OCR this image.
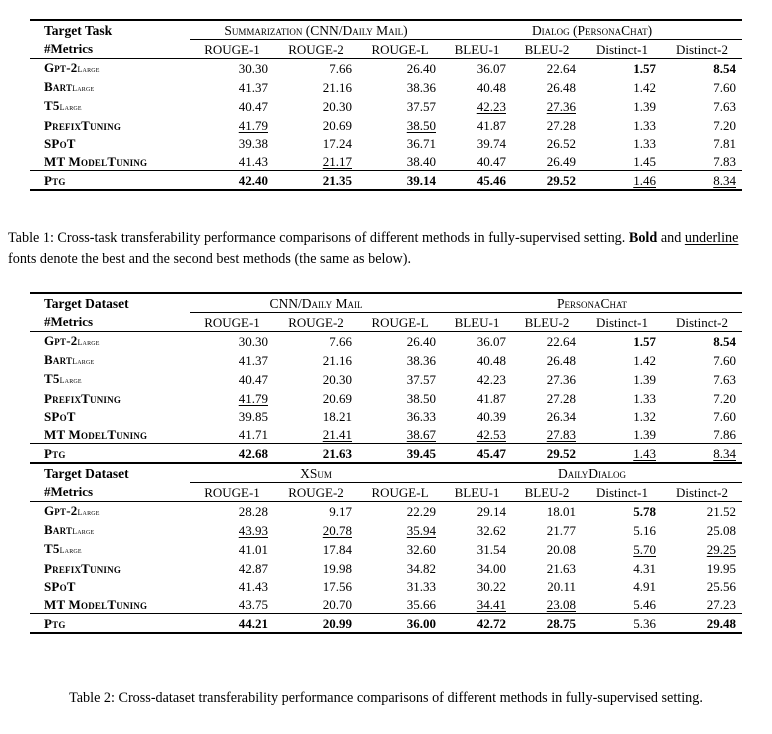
Target Task	Summarization (CNN/Daily Mail)			Dialog (PersonaChat)			
#Metrics	ROUGE-1	ROUGE-2	ROUGE-L	BLEU-1	BLEU-2	Distinct-1	Distinct-2
Gpt-2Large	30.30	7.66	26.40	36.07	22.64	1.57	8.54
BartLarge	41.37	21.16	38.36	40.48	26.48	1.42	7.60
T5Large	40.47	20.30	37.57	42.23	27.36	1.39	7.63
PrefixTuning	41.79	20.69	38.50	41.87	27.28	1.33	7.20
SPoT	39.38	17.24	36.71	39.74	26.52	1.33	7.81
MT ModelTuning	41.43	21.17	38.40	40.47	26.49	1.45	7.83
Ptg	42.40	21.35	39.14	45.46	29.52	1.46	8.34
Table 1: Cross-task transferability performance comparisons of different methods in fully-supervised setting. Bold and underline fonts denote the best and the second best methods (the same as below).
Target Dataset	CNN/Daily Mail			PersonaChat			
#Metrics	ROUGE-1	ROUGE-2	ROUGE-L	BLEU-1	BLEU-2	Distinct-1	Distinct-2
Gpt-2Large	30.30	7.66	26.40	36.07	22.64	1.57	8.54
BartLarge	41.37	21.16	38.36	40.48	26.48	1.42	7.60
T5Large	40.47	20.30	37.57	42.23	27.36	1.39	7.63
PrefixTuning	41.79	20.69	38.50	41.87	27.28	1.33	7.20
SPoT	39.85	18.21	36.33	40.39	26.34	1.32	7.60
MT ModelTuning	41.71	21.41	38.67	42.53	27.83	1.39	7.86
Ptg	42.68	21.63	39.45	45.47	29.52	1.43	8.34
Target Dataset	XSum			DailyDialog			
#Metrics	ROUGE-1	ROUGE-2	ROUGE-L	BLEU-1	BLEU-2	Distinct-1	Distinct-2
Gpt-2Large	28.28	9.17	22.29	29.14	18.01	5.78	21.52
BartLarge	43.93	20.78	35.94	32.62	21.77	5.16	25.08
T5Large	41.01	17.84	32.60	31.54	20.08	5.70	29.25
PrefixTuning	42.87	19.98	34.82	34.00	21.63	4.31	19.95
SPoT	41.43	17.56	31.33	30.22	20.11	4.91	25.56
MT ModelTuning	43.75	20.70	35.66	34.41	23.08	5.46	27.23
Ptg	44.21	20.99	36.00	42.72	28.75	5.36	29.48
Table 2: Cross-dataset transferability performance comparisons of different methods in fully-supervised setting.
